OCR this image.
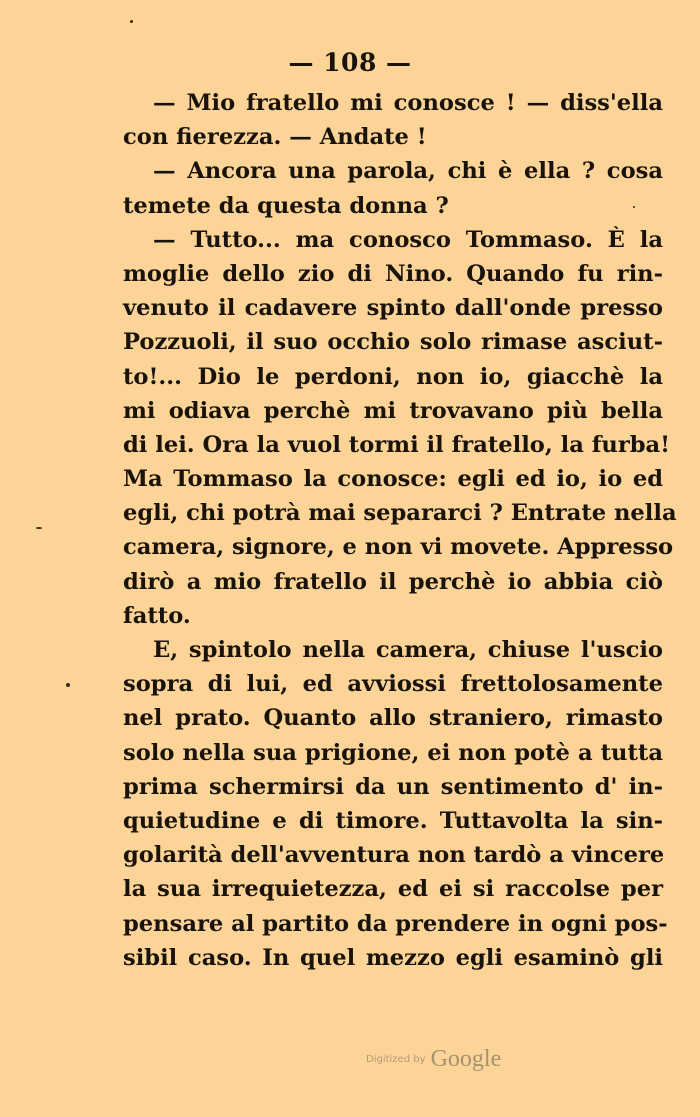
— 108 —
— Mio fratello mi conosce ! — diss'ella
con fierezza. — Andate !
— Ancora una parola, chi è ella ? cosa
temete da questa donna ?
— Tutto... ma conosco Tommaso. È la
moglie dello zio di Nino. Quando fu rin-
venuto il cadavere spinto dall'onde presso
Pozzuoli, il suo occhio solo rimase asciut-
to!... Dio le perdoni, non io, giacchè la
mi odiava perchè mi trovavano più bella
di lei. Ora la vuol tormi il fratello, la furba!
Ma Tommaso la conosce: egli ed io, io ed
egli, chi potrà mai separarci ? Entrate nella
camera, signore, e non vi movete. Appresso
dirò a mio fratello il perchè io abbia ciò
fatto.
E, spintolo nella camera, chiuse l'uscio
sopra di lui, ed avviossi frettolosamente
nel prato. Quanto allo straniero, rimasto
solo nella sua prigione, ei non potè a tutta
prima schermirsi da un sentimento d' in-
quietudine e di timore. Tuttavolta la sin-
golarità dell'avventura non tardò a vincere
la sua irrequietezza, ed ei si raccolse per
pensare al partito da prendere in ogni pos-
sibil caso. In quel mezzo egli esaminò gli
Digitized by Google
